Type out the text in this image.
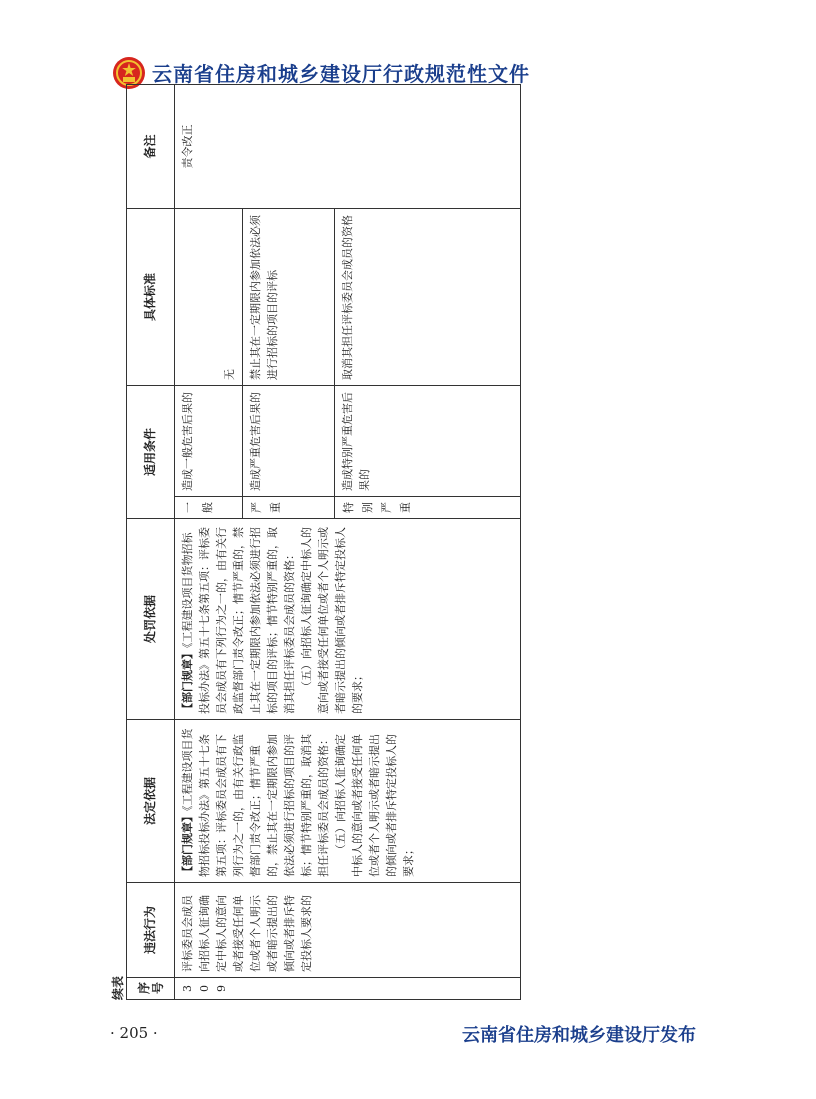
云南省住房和城乡建设厅行政规范性文件
续表 序号	违法行为	法定依据	处罚依据	适用条件		具体标准	备注
309	评标委员会成员向招标人征询确定中标人的意向或者接受任何单位或者个人明示或者暗示提出的倾向或者排斥特定投标人要求的	【部门规章】《工程建设项目货物招标投标办法》第五十七条第五项：评标委员会成员有下列行为之一的，由有关行政监督部门责令改正；情节严重的，禁止其在一定期限内参加依法必须进行招标的项目的评标；情节特别严重的，取消其担任评标委员会成员的资格： （五）向招标人征询确定中标人的意向或者接受任何单位或者个人明示或者暗示提出的倾向或者排斥特定投标人的要求；	【部门规章】《工程建设项目货物招标投标办法》第五十七条第五项：评标委员会成员有下列行为之一的，由有关行政监督部门责令改正；情节严重的，禁止其在一定期限内参加依法必须进行招标的项目的评标；情节特别严重的，取消其担任评标委员会成员的资格： （五）向招标人征询确定中标人的意向或者接受任何单位或者个人明示或者暗示提出的倾向或者排斥特定投标人的要求；	一般	造成一般危害后果的	无	责令改正
				严重	造成严重危害后果的	禁止其在一定期限内参加依法必须进行招标的项目的评标	
				特别严重	造成特别严重危害后果的	取消其担任评标委员会成员的资格	
· 205 ·	云南省住房和城乡建设厅发布
